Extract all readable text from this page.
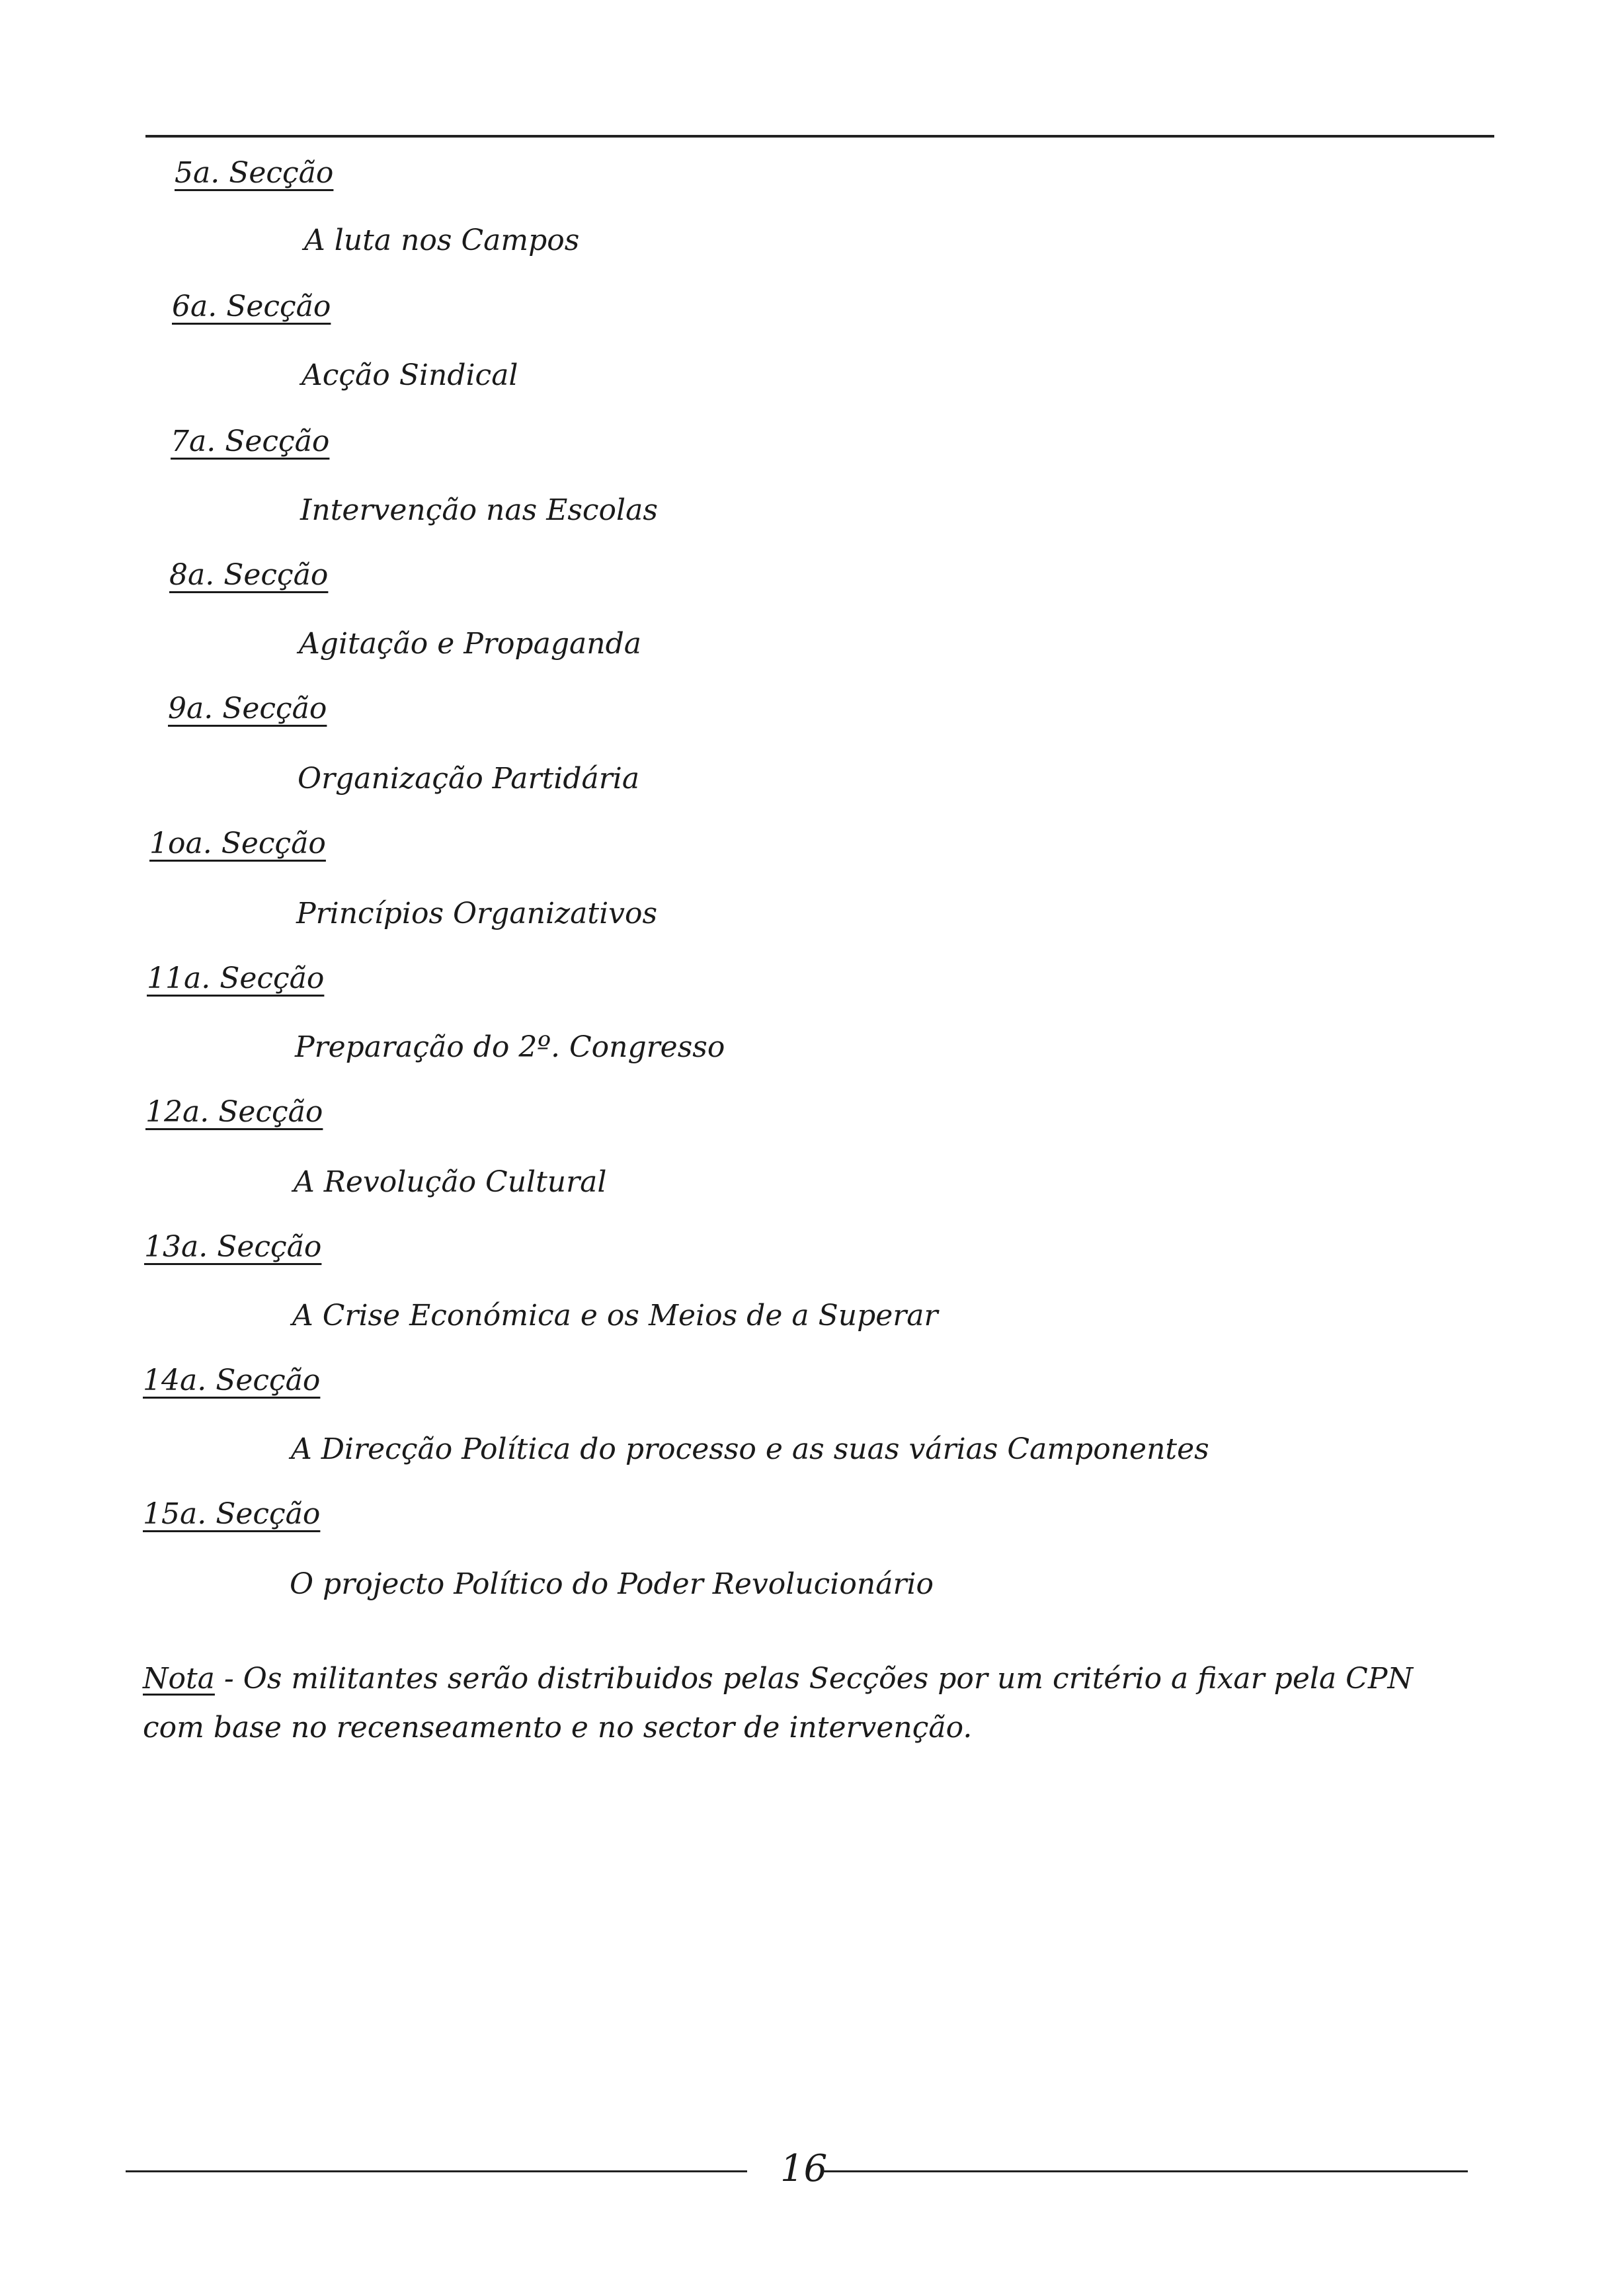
5a. Secção
A luta nos Campos
6a. Secção
Acção Sindical
7a. Secção
Intervenção nas Escolas
8a. Secção
Agitação e Propaganda
9a. Secção
Organização Partidária
1oa. Secção
Princípios Organizativos
11a. Secção
Preparação do 2º. Congresso
12a. Secção
A Revolução Cultural
13a. Secção
A Crise Económica e os Meios de a Superar
14a. Secção
A Direcção Política do processo e as suas várias Camponentes
15a. Secção
O projecto Político do Poder Revolucionário
Nota - Os militantes serão distribuidos pelas Secções por um critério a fixar pela CPN com base no recenseamento e no sector de intervenção.
16
